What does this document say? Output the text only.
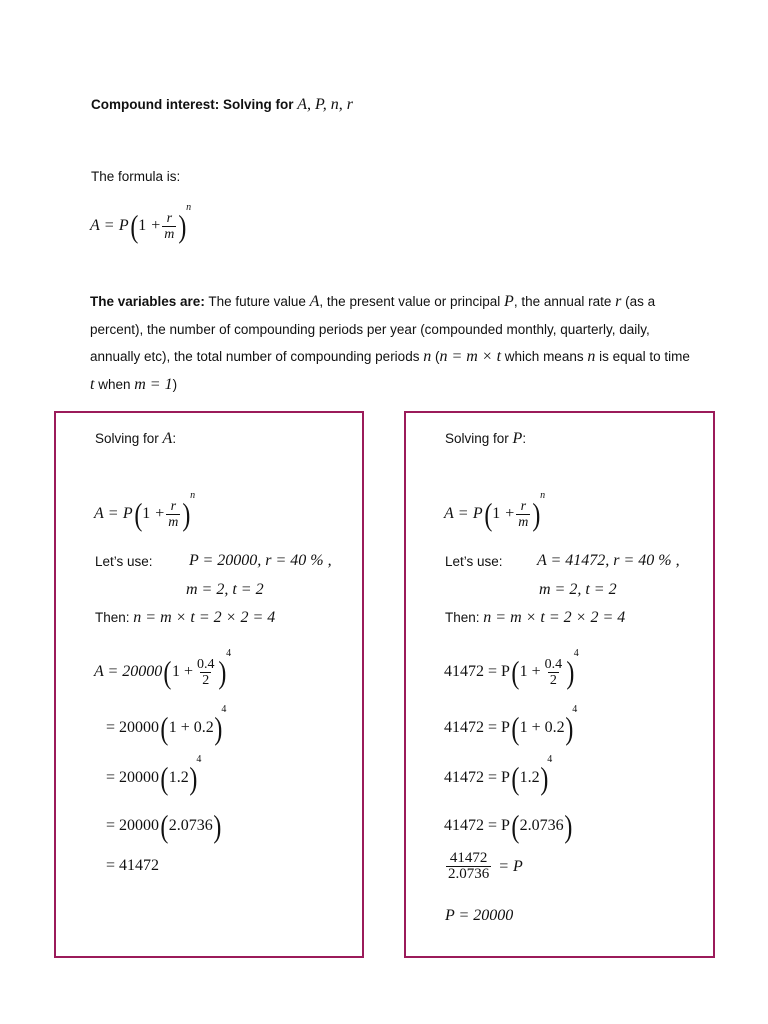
Compound interest: Solving for A, P, n, r
The formula is:
A = P ( $1 + \frac{r}{m}$ )
n
The variables are: The future value A, the present value or principal P, the annual rate r (as a percent), the number of compounding periods per year (compounded monthly, quarterly, daily, annually etc), the total number of compounding periods n (n = m × t which means n is equal to time t when m = 1)
Solving for A:
A = P ( $1 + \frac{r}{m}$ )
n
Let’s use: P = 20000, r = 40 % ,
m = 2, t = 2
Then: n = m × t = 2 × 2 = 4
A = 20000 ( $1 + \frac{0.4}{2}$ )
4
= 20000 ( 1 + 0.2 )
4
= 20000 ( 1.2 )
4
= 20000 ( 2.0736 )
= 41472
Solving for P:
A = P ( $1 + \frac{r}{m}$ )
n
Let’s use: A = 41472, r = 40 % ,
m = 2, t = 2
Then: n = m × t = 2 × 2 = 4
41472 = P ( $1 + \frac{0.4}{2}$ )
4
41472 = P ( 1 + 0.2 )
4
41472 = P ( 1.2 )
4
41472 = P ( 2.0736 )
$\frac{41472}{2.0736} = P$
P = 20000
